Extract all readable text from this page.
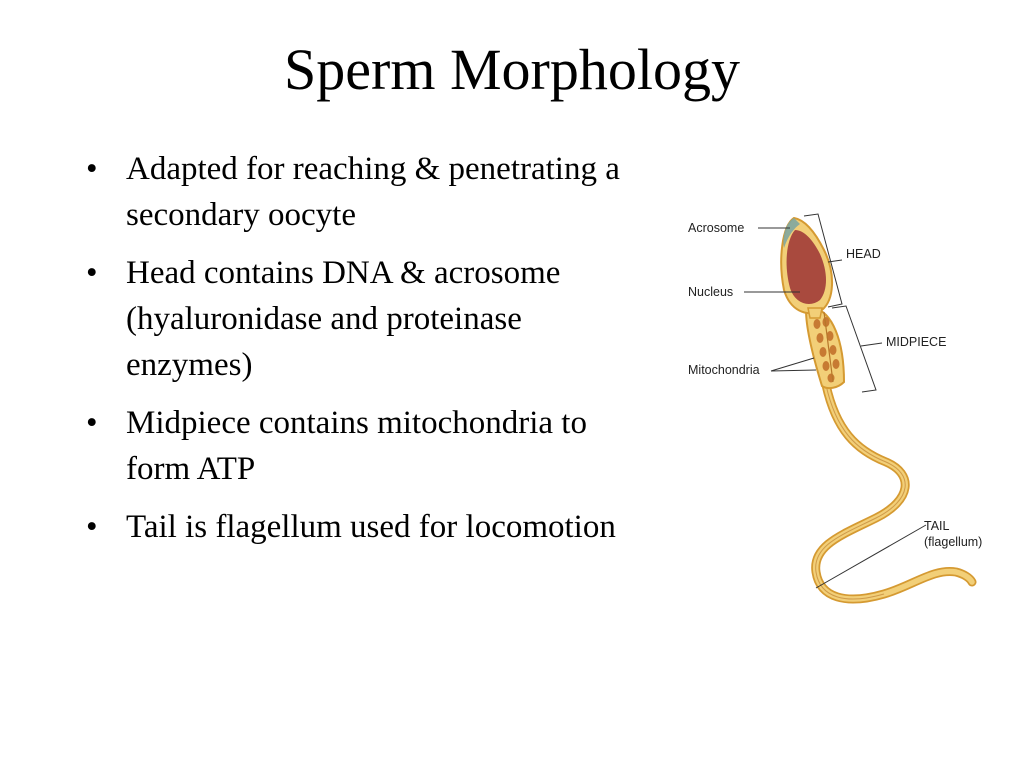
Sperm Morphology
• Adapted for reaching & penetrating a secondary oocyte
• Head contains DNA & acrosome (hyaluronidase and proteinase enzymes)
• Midpiece contains mitochondria to form ATP
• Tail is flagellum used for locomotion
Acrosome
Nucleus
Mitochondria
HEAD
MIDPIECE
TAIL
(flagellum)
